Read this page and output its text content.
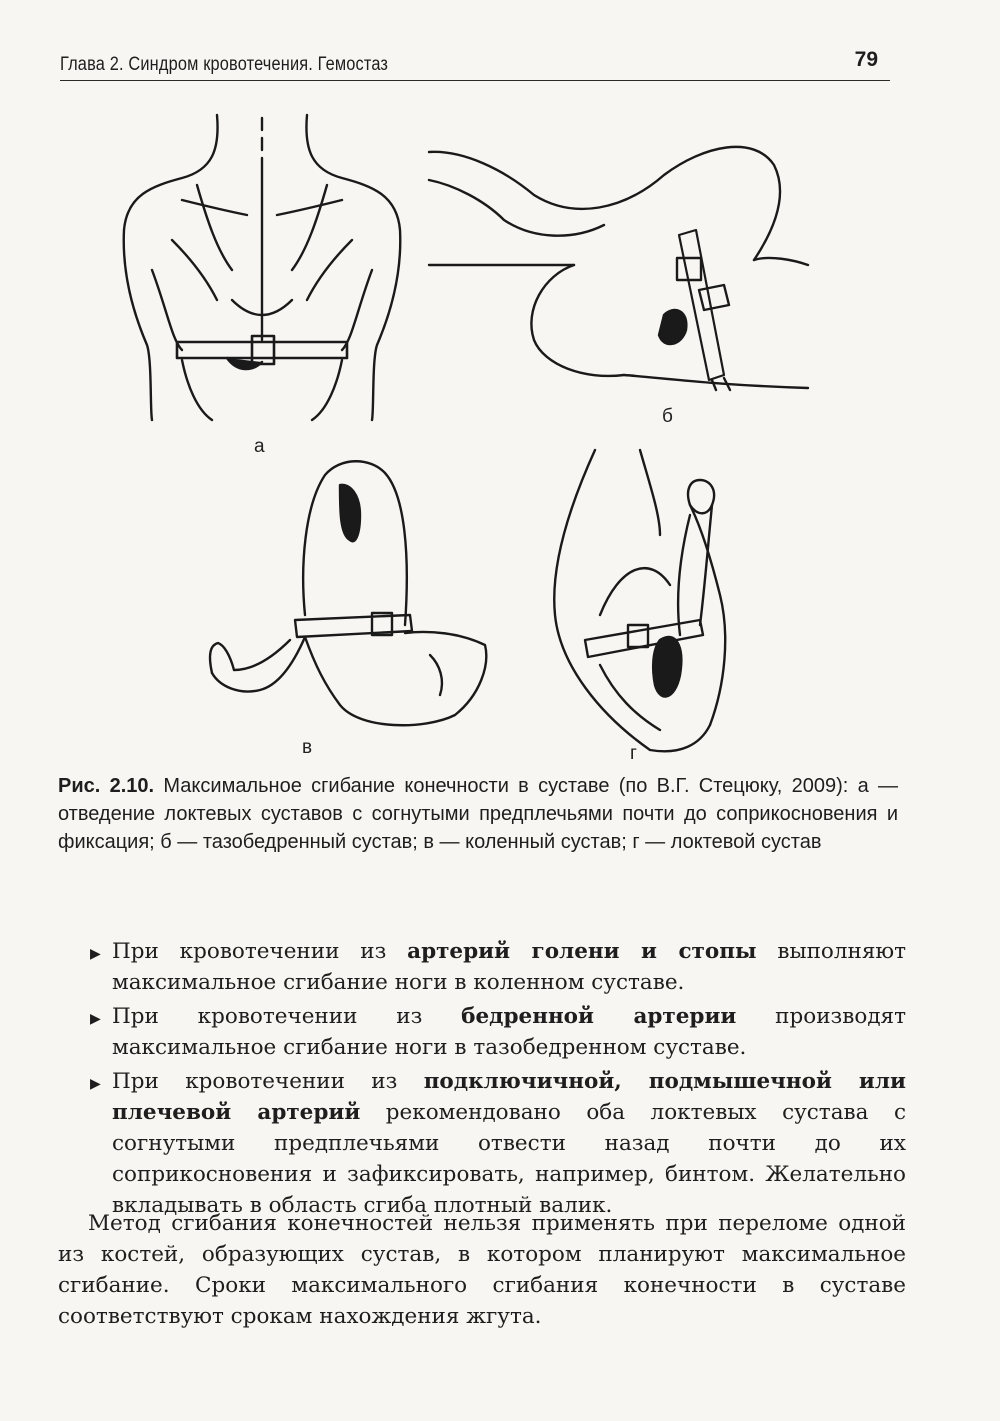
Глава 2. Синдром кровотечения. Гемостаз	79
а
б
в	г
Рис. 2.10. Максимальное сгибание конечности в суставе (по В.Г. Стецюку, 2009): а — отведение локтевых суставов с согнутыми предплечьями почти до соприкосновения и фиксация; б — тазобедренный сустав; в — коленный сустав; г — локтевой сустав
▶ При кровотечении из артерий голени и стопы выполняют максимальное сгибание ноги в коленном суставе.
▶ При кровотечении из бедренной артерии производят максимальное сгибание ноги в тазобедренном суставе.
▶ При кровотечении из подключичной, подмышечной или плечевой артерий рекомендовано оба локтевых сустава с согнутыми предплечьями отвести назад почти до их соприкосновения и зафиксировать, например, бинтом. Желательно вкладывать в область сгиба плотный валик.

Метод сгибания конечностей нельзя применять при переломе одной из костей, образующих сустав, в котором планируют максимальное сгибание. Сроки максимального сгибания конечности в суставе соответствуют срокам нахождения жгута.
